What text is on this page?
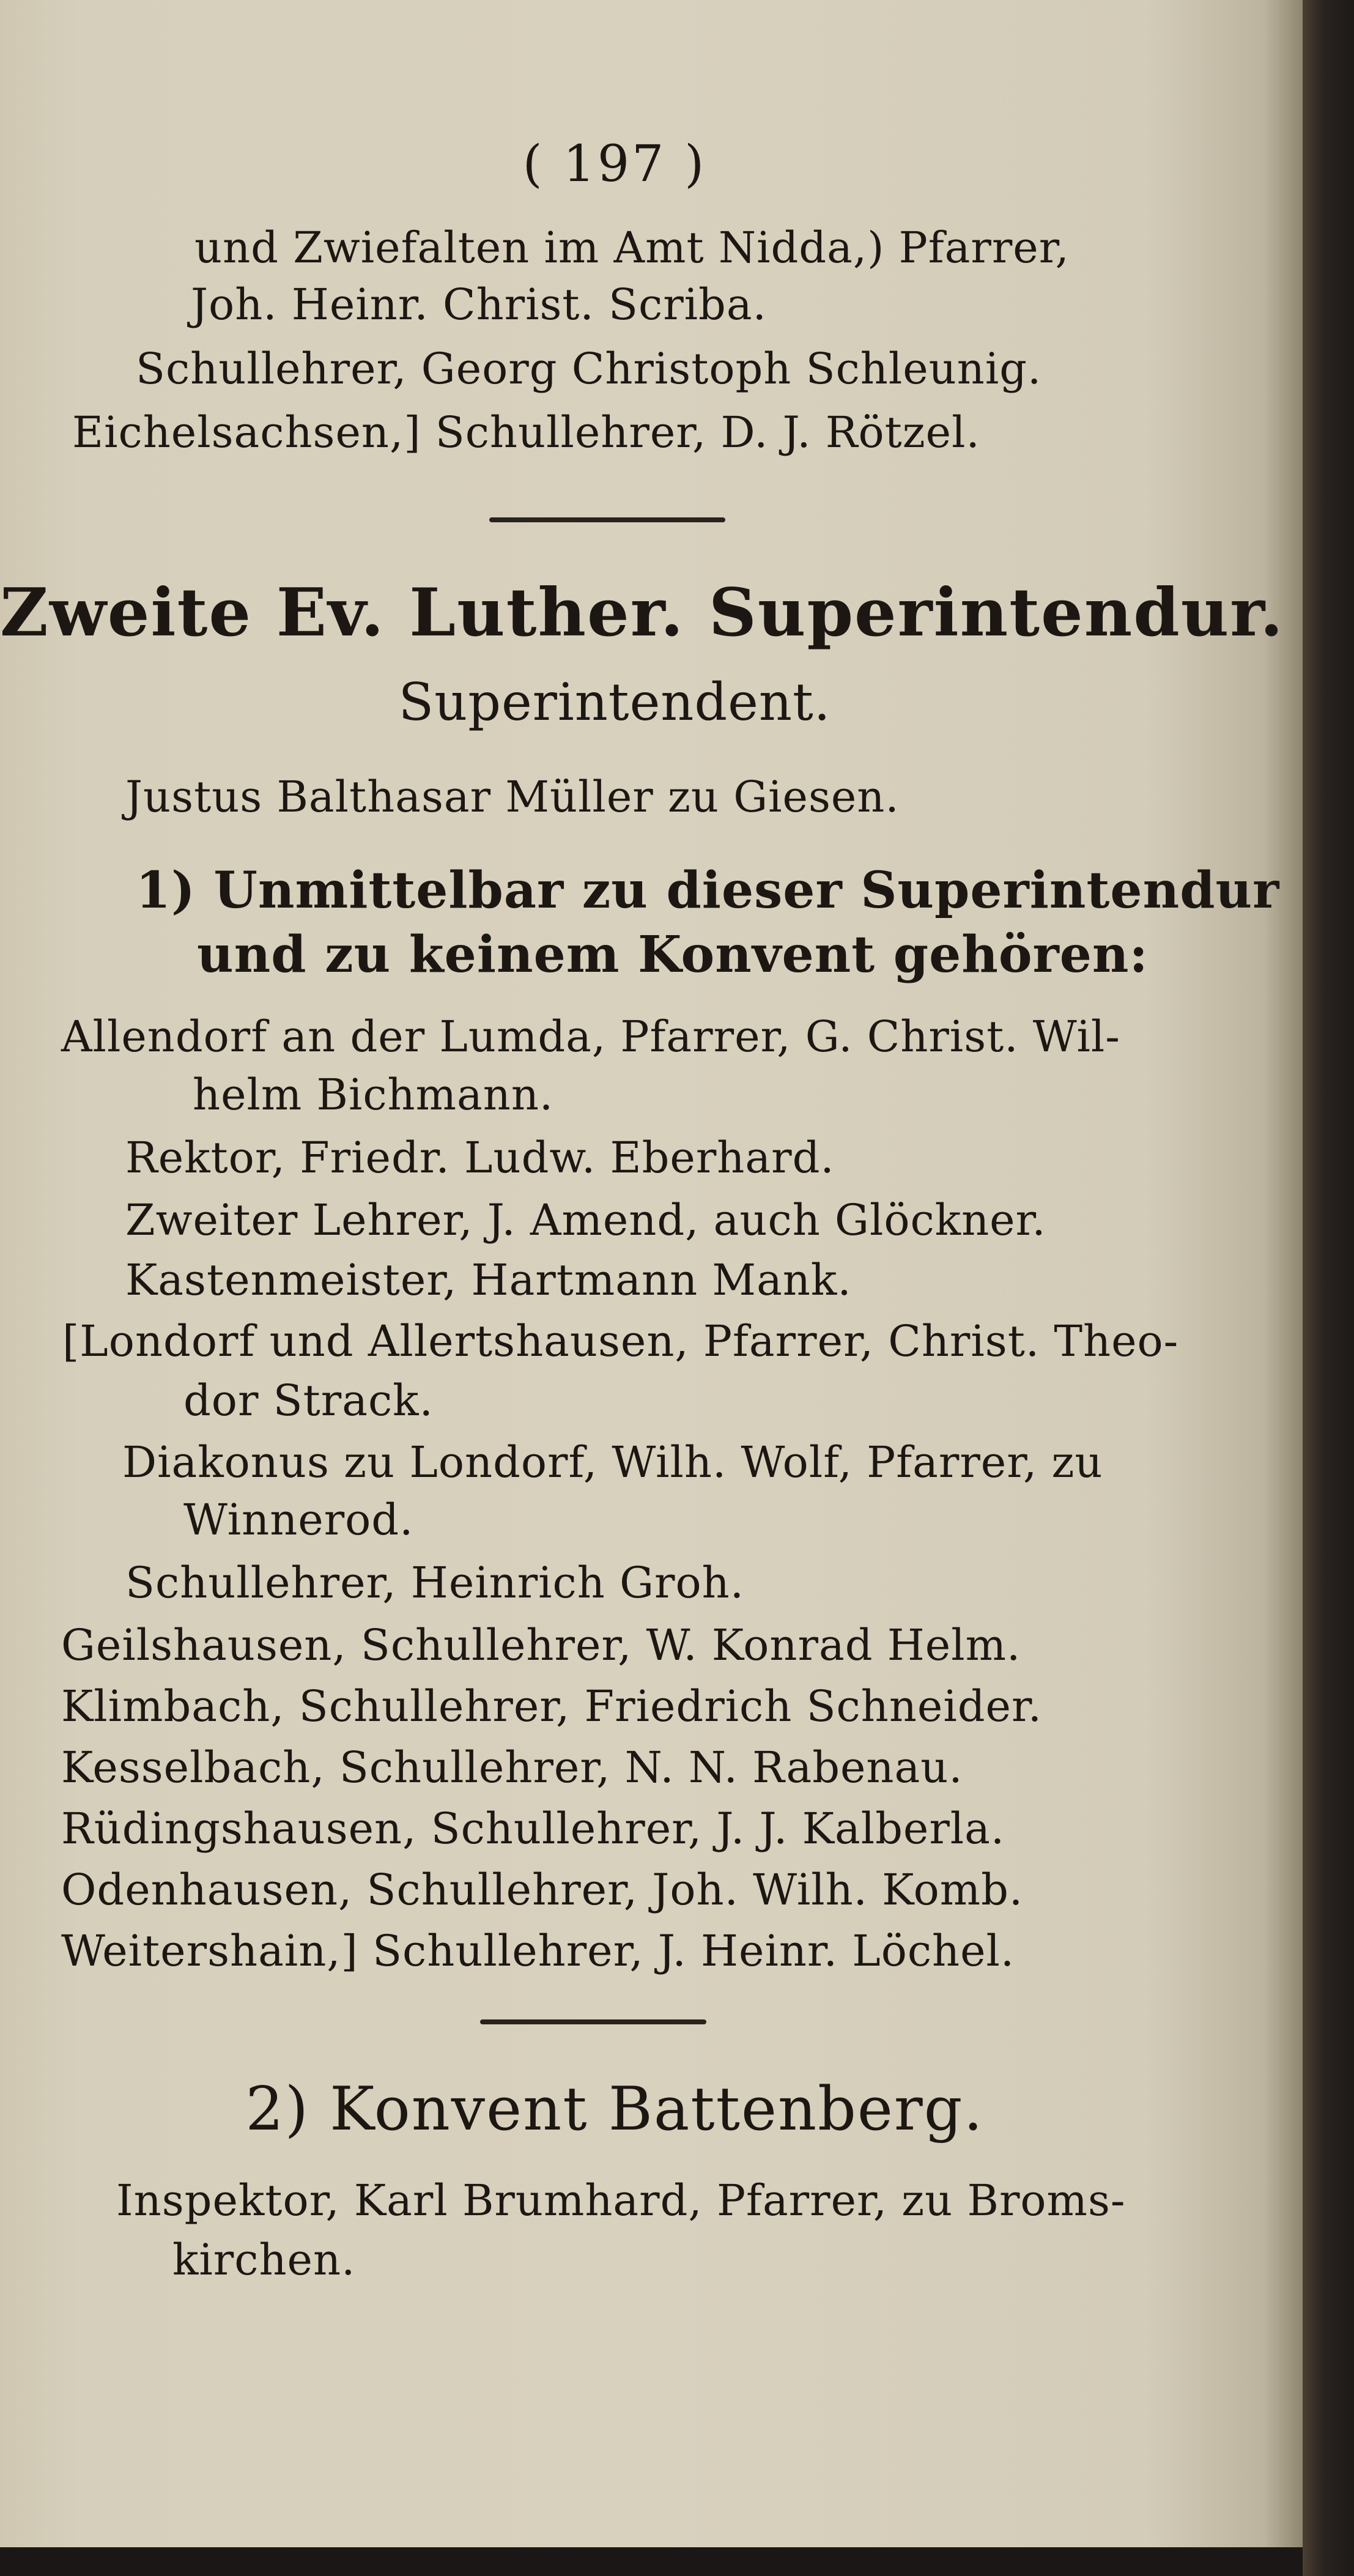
( 197 )
und Zwiefalten im Amt Nidda,) Pfarrer,
Joh. Heinr. Christ. Scriba.
Schullehrer, Georg Christoph Schleunig.
Eichelsachsen,] Schullehrer, D. J. Rötzel.
Zweite Ev. Luther. Superintendur.
Superintendent.
Justus Balthasar Müller zu Giesen.
1) Unmittelbar zu dieser Superintendur
und zu keinem Konvent gehören:
Allendorf an der Lumda, Pfarrer, G. Christ. Wil-
helm Bichmann.
Rektor, Friedr. Ludw. Eberhard.
Zweiter Lehrer, J. Amend, auch Glöckner.
Kastenmeister, Hartmann Mank.
[Londorf und Allertshausen, Pfarrer, Christ. Theo-
dor Strack.
Diakonus zu Londorf, Wilh. Wolf, Pfarrer, zu
Winnerod.
Schullehrer, Heinrich Groh.
Geilshausen, Schullehrer, W. Konrad Helm.
Klimbach, Schullehrer, Friedrich Schneider.
Kesselbach, Schullehrer, N. N. Rabenau.
Rüdingshausen, Schullehrer, J. J. Kalberla.
Odenhausen, Schullehrer, Joh. Wilh. Komb.
Weitershain,] Schullehrer, J. Heinr. Löchel.
2) Konvent Battenberg.
Inspektor, Karl Brumhard, Pfarrer, zu Broms-
kirchen.
